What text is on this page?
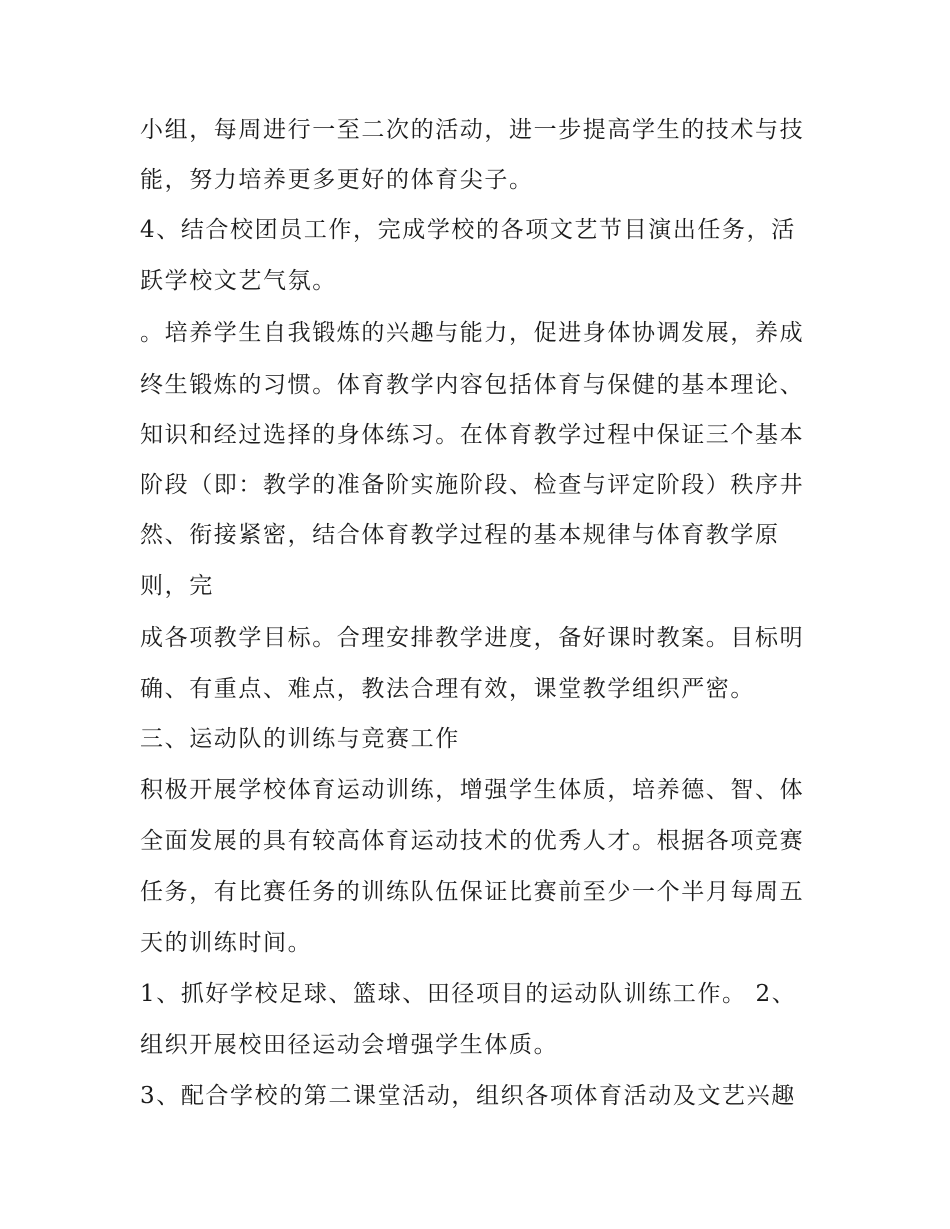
小组，每周进行一至二次的活动，进一步提高学生的技术与技
能，努力培养更多更好的体育尖子。
4、结合校团员工作，完成学校的各项文艺节目演出任务，活
跃学校文艺气氛。
。培养学生自我锻炼的兴趣与能力，促进身体协调发展，养成
终生锻炼的习惯。体育教学内容包括体育与保健的基本理论、
知识和经过选择的身体练习。在体育教学过程中保证三个基本
阶段（即：教学的准备阶实施阶段、检查与评定阶段）秩序井
然、衔接紧密，结合体育教学过程的基本规律与体育教学原
则，完
成各项教学目标。合理安排教学进度，备好课时教案。目标明
确、有重点、难点，教法合理有效，课堂教学组织严密。
三、运动队的训练与竞赛工作
积极开展学校体育运动训练，增强学生体质，培养德、智、体
全面发展的具有较高体育运动技术的优秀人才。根据各项竞赛
任务，有比赛任务的训练队伍保证比赛前至少一个半月每周五
天的训练时间。
1、抓好学校足球、篮球、田径项目的运动队训练工作。 2、
组织开展校田径运动会增强学生体质。
3、配合学校的第二课堂活动，组织各项体育活动及文艺兴趣
